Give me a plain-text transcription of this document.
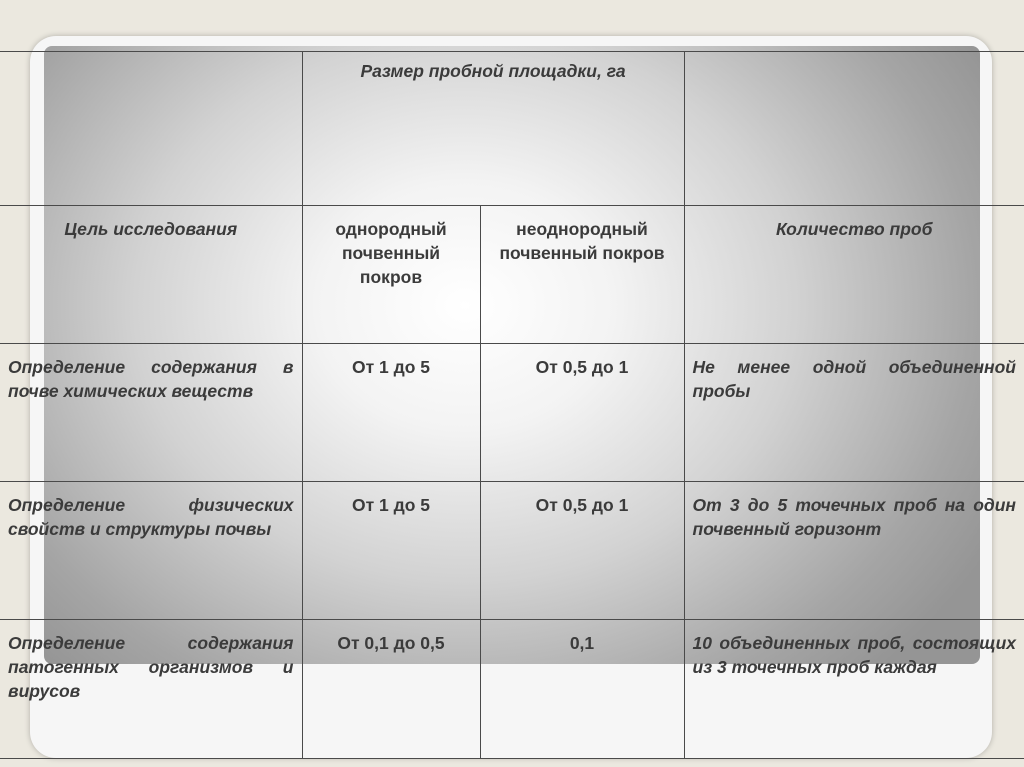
	Размер пробной площадки, га		
Цель исследования	однородный почвенный покров	неоднородный почвенный покров	Количество проб
Определение содержания в почве химических веществ	От 1 до 5	От 0,5 до 1	Не менее одной объединенной пробы
Определение физических свойств и структуры почвы	От 1 до 5	От 0,5 до 1	От 3 до 5 точечных проб на один почвенный горизонт
Определение содержания патогенных организмов и вирусов	От 0,1 до 0,5	0,1	10 объединенных проб, состоящих из 3 точечных проб каждая
